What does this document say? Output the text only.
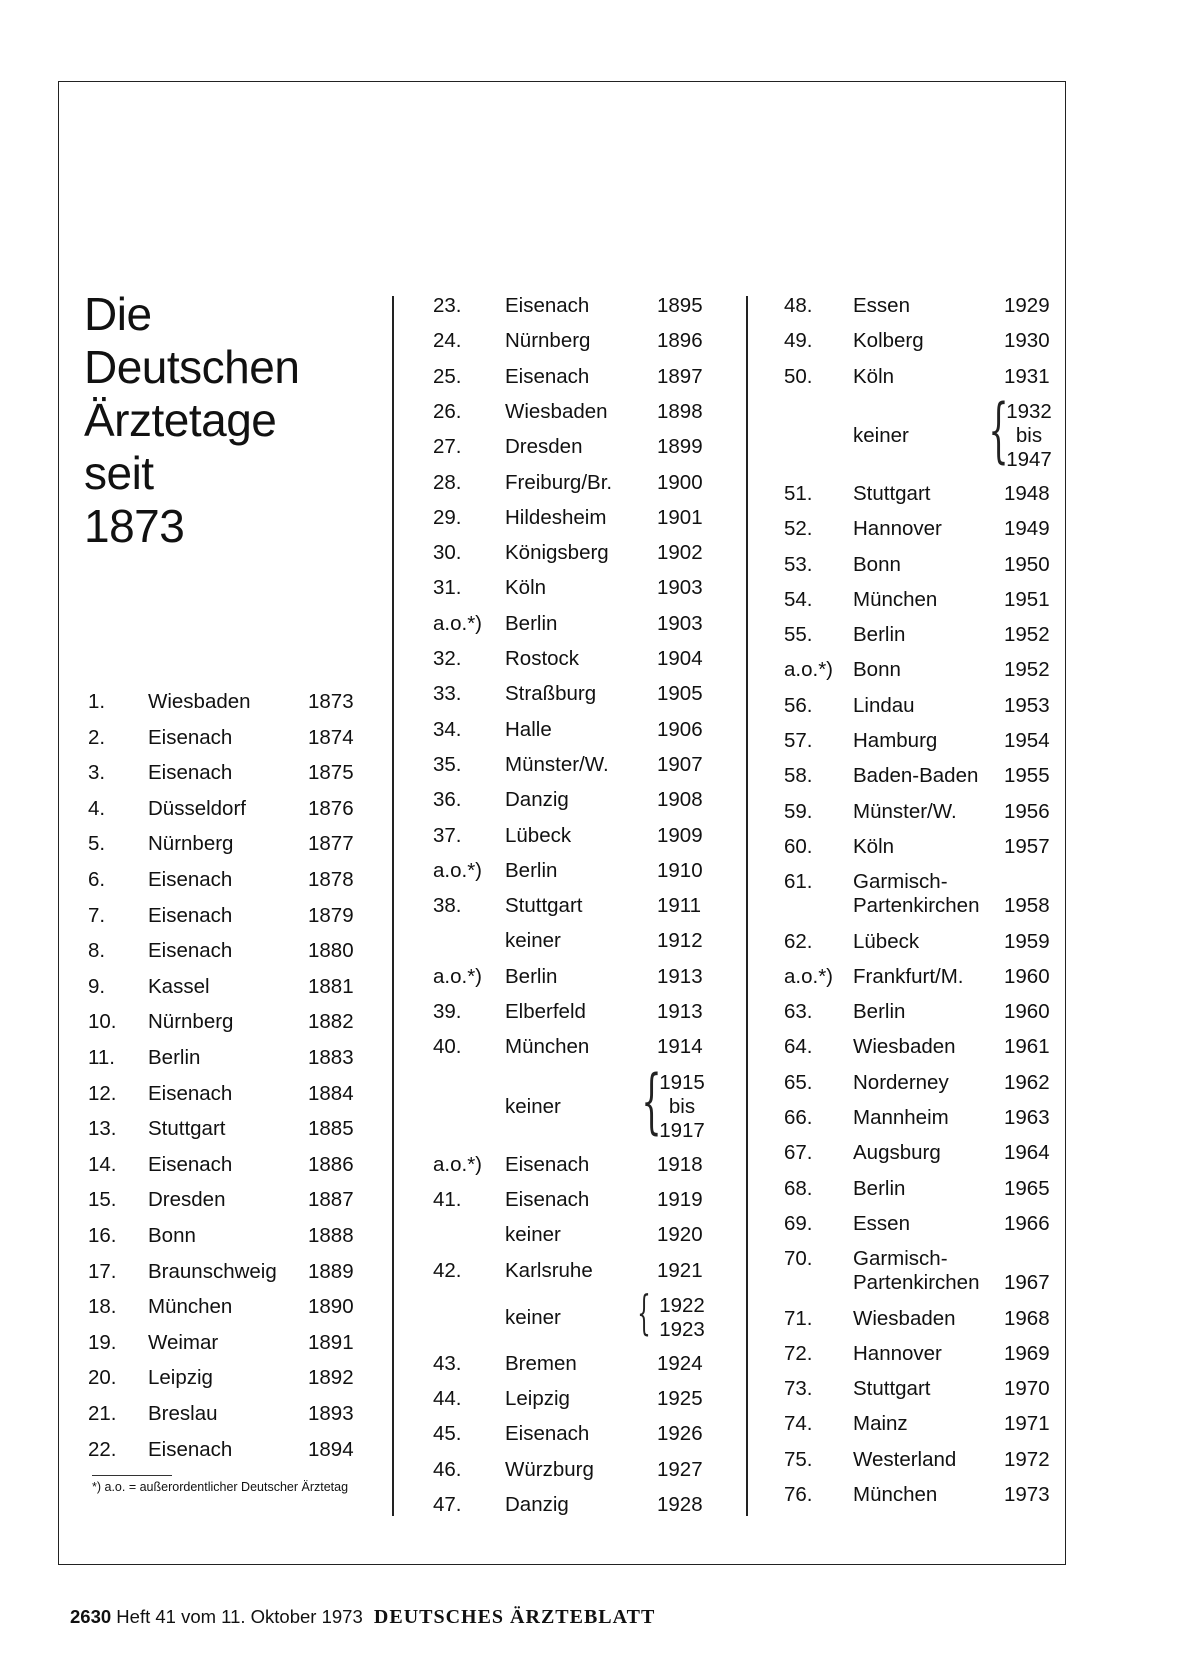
Die
Deutschen
Ärztetage
seit
1873
1. Wiesbaden	1873
2. Eisenach	1874
3. Eisenach	1875
4. Düsseldorf	1876
5. Nürnberg	1877
6. Eisenach	1878
7. Eisenach	1879
8. Eisenach	1880
9. Kassel	1881
10. Nürnberg	1882
11. Berlin	1883
12. Eisenach	1884
13. Stuttgart	1885
14. Eisenach	1886
15. Dresden	1887
16. Bonn	1888
17. Braunschweig 1889
18. München	1890
19. Weimar	1891
20. Leipzig	1892
21. Breslau	1893
22. Eisenach	1894
23. Eisenach	1895
24. Nürnberg	1896
25. Eisenach	1897
26. Wiesbaden 1898
27. Dresden	1899
28. Freiburg/Br. 1900
29. Hildesheim 1901
30. Königsberg 1902
31. Köln	1903
a.o.*) Berlin	1903
32. Rostock	1904
33. Straßburg	1905
34. Halle	1906
35. Münster/W. 1907
36. Danzig	1908
37. Lübeck	1909
a.o.*) Berlin	1910
38. Stuttgart	1911
keiner	1912
a.o.*) Berlin	1913
39. Elberfeld	1913
40. München	1914
keiner {
1915
bis
1917
a.o.*) Eisenach	1918
41. Eisenach	1919
keiner	1920
42. Karlsruhe	1921
keiner { 1922
1923
43. Bremen	1924
44. Leipzig	1925
45. Eisenach	1926
46. Würzburg	1927
47. Danzig	1928
48. Essen	1929
49. Kolberg	1930
50. Köln	1931
keiner {
1932
bis
1947
51. Stuttgart	1948
52. Hannover	1949
53. Bonn	1950
54. München	1951
55. Berlin	1952
a.o.*) Bonn	1952
56. Lindau	1953
57. Hamburg	1954
58. Baden-Baden 1955
59. Münster/W. 1956
60. Köln	1957
61. Garmisch-
Partenkirchen 1958
62. Lübeck	1959
a.o.*) Frankfurt/M. 1960
63. Berlin	1960
64. Wiesbaden 1961
65. Norderney	1962
66. Mannheim	1963
67. Augsburg	1964
68. Berlin	1965
69. Essen	1966
70. Garmisch-
Partenkirchen 1967
71. Wiesbaden 1968
72. Hannover	1969
73. Stuttgart	1970
74. Mainz	1971
75. Westerland 1972
76. München	1973
*) a.o. = außerordentlicher Deutscher Ärztetag
2630 Heft 41 vom 11. Oktober 1973 DEUTSCHES ÄRZTEBLATT
